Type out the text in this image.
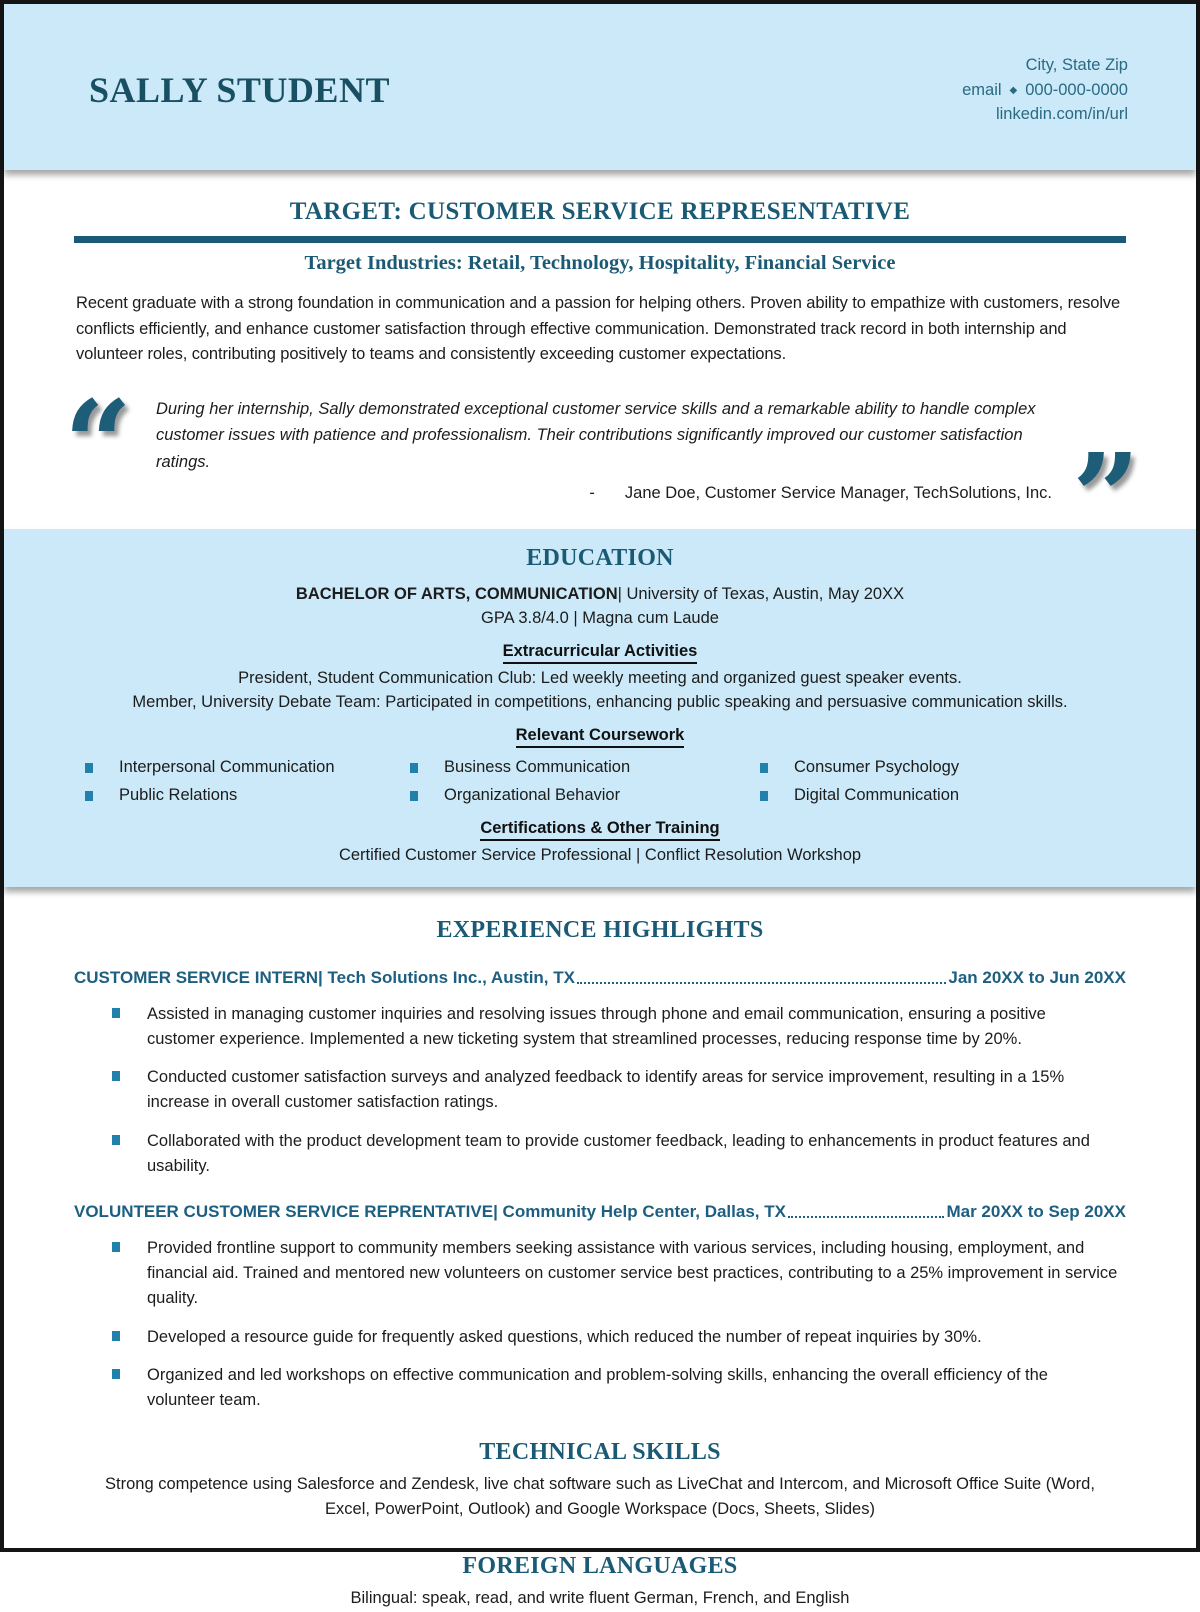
SALLY STUDENT
City, State Zip
email ◆ 000-000-0000
linkedin.com/in/url
TARGET: CUSTOMER SERVICE REPRESENTATIVE
Target Industries: Retail, Technology, Hospitality, Financial Service

Recent graduate with a strong foundation in communication and a passion for helping others. Proven ability to empathize with customers, resolve conflicts efficiently, and enhance customer satisfaction through effective communication. Demonstrated track record in both internship and volunteer roles, contributing positively to teams and consistently exceeding customer expectations.

“

During her internship, Sally demonstrated exceptional customer service skills and a remarkable ability to handle complex customer issues with patience and professionalism. Their contributions significantly improved our customer satisfaction ratings.

- Jane Doe, Customer Service Manager, TechSolutions, Inc.
”
EDUCATION
BACHELOR OF ARTS, COMMUNICATION| University of Texas, Austin, May 20XX
GPA 3.8/4.0 | Magna cum Laude
Extracurricular Activities
President, Student Communication Club: Led weekly meeting and organized guest speaker events.
Member, University Debate Team: Participated in competitions, enhancing public speaking and persuasive communication skills.
Relevant Coursework
Interpersonal Communication
Public Relations
Business Communication
Organizational Behavior
Consumer Psychology
Digital Communication
Certifications & Other Training
Certified Customer Service Professional | Conflict Resolution Workshop
EXPERIENCE HIGHLIGHTS
CUSTOMER SERVICE INTERN | Tech Solutions Inc., Austin, TX	Jan 20XX to Jun 20XX

Assisted in managing customer inquiries and resolving issues through phone and email communication, ensuring a positive customer experience. Implemented a new ticketing system that streamlined processes, reducing response time by 20%.

Conducted customer satisfaction surveys and analyzed feedback to identify areas for service improvement, resulting in a 15% increase in overall customer satisfaction ratings.

Collaborated with the product development team to provide customer feedback, leading to enhancements in product features and usability.

VOLUNTEER CUSTOMER SERVICE REPRENTATIVE | Community Help Center, Dallas, TX	Mar 20XX to Sep 20XX

Provided frontline support to community members seeking assistance with various services, including housing, employment, and financial aid. Trained and mentored new volunteers on customer service best practices, contributing to a 25% improvement in service quality.

Developed a resource guide for frequently asked questions, which reduced the number of repeat inquiries by 30%.

Organized and led workshops on effective communication and problem-solving skills, enhancing the overall efficiency of the volunteer team.

TECHNICAL SKILLS

Strong competence using Salesforce and Zendesk, live chat software such as LiveChat and Intercom, and Microsoft Office Suite (Word, Excel, PowerPoint, Outlook) and Google Workspace (Docs, Sheets, Slides)

FOREIGN LANGUAGES

Bilingual: speak, read, and write fluent German, French, and English
